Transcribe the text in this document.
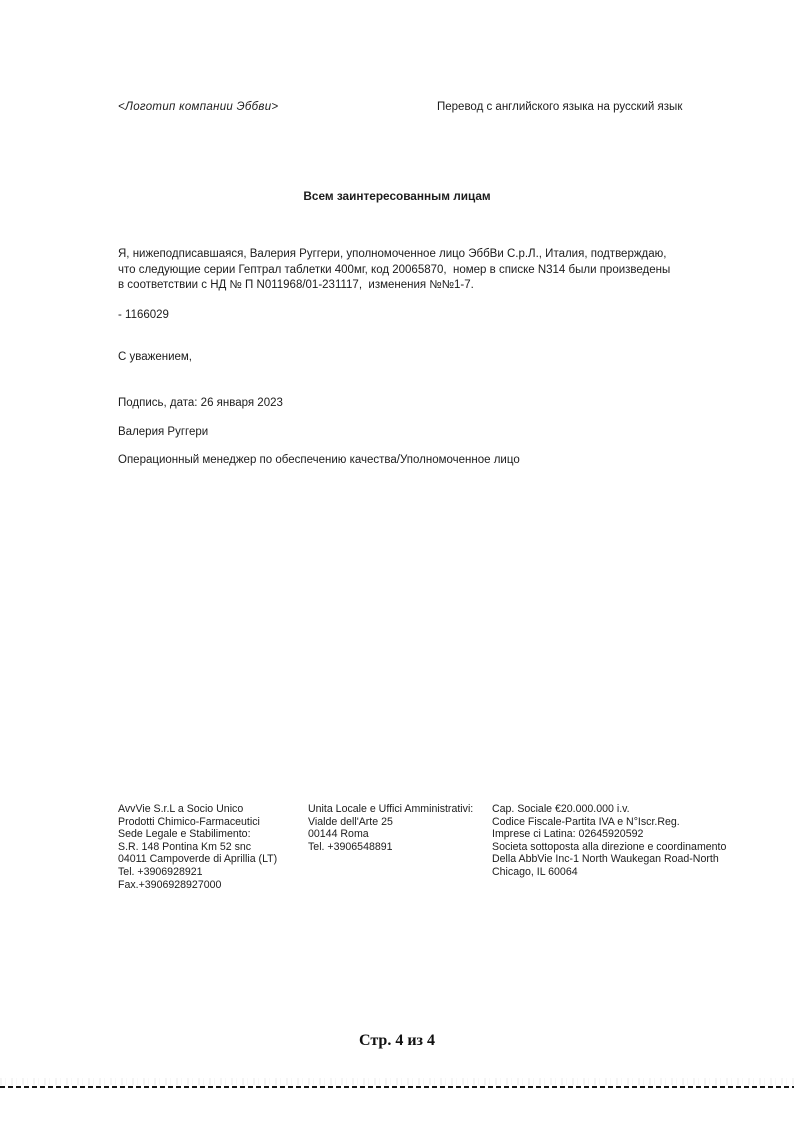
<Логотип компании Эббви>	Перевод с английского языка на русский язык
Всем заинтересованным лицам
Я, нижеподписавшаяся, Валерия Руггери, уполномоченное лицо ЭббВи С.р.Л., Италия, подтверждаю,
что следующие серии Гептрал таблетки 400мг, код 20065870,  номер в списке N314 были произведены
в соответствии с НД № П N011968/01-231117,  изменения №№1-7.
- 1166029
С уважением,
Подпись, дата: 26 января 2023
Валерия Руггери
Операционный менеджер по обеспечению качества/Уполномоченное лицо
AvvVie S.r.L a Socio Unico
Prodotti Chimico-Farmaceutici
Sede Legale e Stabilimento:
S.R. 148 Pontina Km 52 snc
04011 Campoverde di Aprillia (LT)
Tel. +3906928921
Fax.+3906928927000
Unita Locale e Uffici Amministrativi:
Vialde dell'Arte 25
00144 Roma
Tel. +3906548891
Cap. Sociale €20.000.000 i.v.
Codice Fiscale-Partita IVA e N°Iscr.Reg.
Imprese ci Latina: 02645920592
Societa sottoposta alla direzione e coordinamento
Della AbbVie Inc-1 North Waukegan Road-North
Chicago, IL 60064
Стр. 4 из 4
